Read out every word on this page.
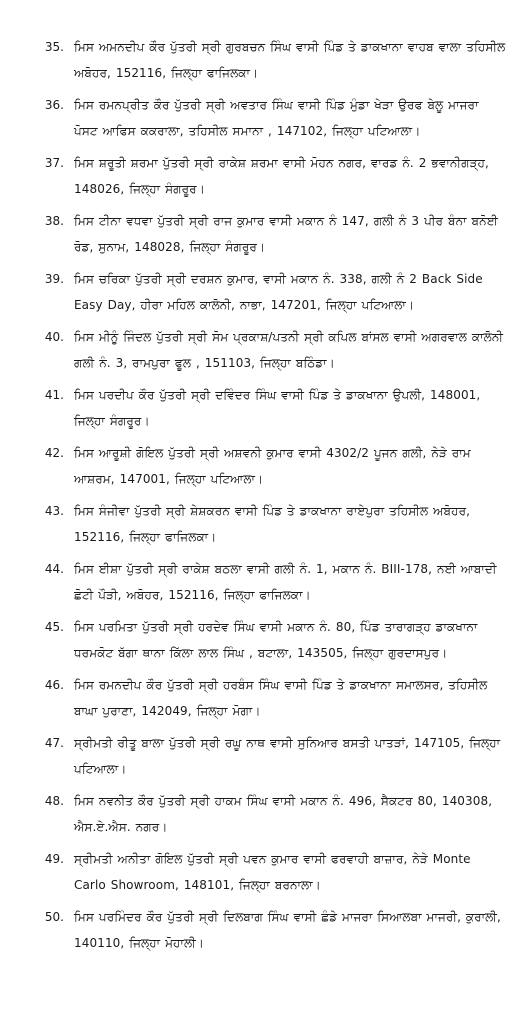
35. ਮਿਸ ਅਮਨਦੀਪ ਕੌਰ ਪੁੱਤਰੀ ਸ੍ਰੀ ਗੁਰਬਚਨ ਸਿੰਘ ਵਾਸੀ ਪਿੰਡ ਤੇ ਡਾਕਖਾਨਾ ਵਾਹਬ ਵਾਲਾ ਤਹਿਸੀਲ ਅਬੋਹਰ, 152116, ਜਿਲ੍ਹਾ ਫਾਜਿਲਕਾ।
36. ਮਿਸ ਰਮਨਪ੍ਰੀਤ ਕੌਰ ਪੁੱਤਰੀ ਸ੍ਰੀ ਅਵਤਾਰ ਸਿੰਘ ਵਾਸੀ ਪਿੰਡ ਮੁੰਡਾ ਖੇੜਾ ਉਰਫ ਬੇਲੂ ਮਾਜਰਾ ਪੋਸਟ ਆਫਿਸ ਕਕਰਾਲਾ, ਤਹਿਸੀਲ ਸਮਾਨਾ , 147102, ਜਿਲ੍ਹਾ ਪਟਿਆਲਾ।
37. ਮਿਸ ਸ਼ਰੂਤੀ ਸ਼ਰਮਾ ਪੁੱਤਰੀ ਸ੍ਰੀ ਰਾਕੇਸ਼ ਸ਼ਰਮਾ ਵਾਸੀ ਮੋਹਨ ਨਗਰ, ਵਾਰਡ ਨੰ. 2 ਭਵਾਨੀਗੜ੍ਹ, 148026, ਜਿਲ੍ਹਾ ਸੰਗਰੂਰ।
38. ਮਿਸ ਟੀਨਾ ਵਧਵਾ ਪੁੱਤਰੀ ਸ੍ਰੀ ਰਾਜ ਕੁਮਾਰ ਵਾਸੀ ਮਕਾਨ ਨੰ 147, ਗਲੀ ਨੰ 3 ਪੀਰ ਬੰਨਾ ਬਨੋਈ ਰੋਡ, ਸੁਨਾਮ, 148028, ਜਿਲ੍ਹਾ ਸੰਗਰੂਰ।
39. ਮਿਸ ਚਰਿਕਾ ਪੁੱਤਰੀ ਸ੍ਰੀ ਦਰਸ਼ਨ ਕੁਮਾਰ, ਵਾਸੀ ਮਕਾਨ ਨੰ. 338, ਗਲੀ ਨੰ 2 Back Side Easy Day, ਹੀਰਾ ਮਹਿਲ ਕਾਲੋਨੀ, ਨਾਭਾ, 147201, ਜਿਲ੍ਹਾ ਪਟਿਆਲਾ।
40. ਮਿਸ ਮੀਨੂੰ ਜਿੰਦਲ ਪੁੱਤਰੀ ਸ੍ਰੀ ਸੋਮ ਪ੍ਰਕਾਸ਼/ਪਤਨੀ ਸ੍ਰੀ ਕਪਿਲ ਬਾਂਸਲ ਵਾਸੀ ਅਗਰਵਾਲ ਕਾਲੋਨੀ ਗਲੀ ਨੰ. 3, ਰਾਮਪੁਰਾ ਫੂਲ , 151103, ਜਿਲ੍ਹਾ ਬਠਿੰਡਾ।
41. ਮਿਸ ਪਰਦੀਪ ਕੌਰ ਪੁੱਤਰੀ ਸ੍ਰੀ ਦਵਿੰਦਰ ਸਿੰਘ ਵਾਸੀ ਪਿੰਡ ਤੇ ਡਾਕਖਾਨਾ ਉਪਲੀ, 148001, ਜਿਲ੍ਹਾ ਸੰਗਰੂਰ।
42. ਮਿਸ ਆਰੂਸ਼ੀ ਗੋਇਲ ਪੁੱਤਰੀ ਸ੍ਰੀ ਅਸ਼ਵਨੀ ਕੁਮਾਰ ਵਾਸੀ 4302/2 ਪੂਜਨ ਗਲੀ, ਨੇੜੇ ਰਾਮ ਆਸ਼ਰਮ, 147001, ਜਿਲ੍ਹਾ ਪਟਿਆਲਾ।
43. ਮਿਸ ਸੰਜੀਵਾ ਪੁੱਤਰੀ ਸ੍ਰੀ ਸ਼ੇਸ਼ਕਰਨ ਵਾਸੀ ਪਿੰਡ ਤੇ ਡਾਕਖਾਨਾ ਰਾਏਪੁਰਾ ਤਹਿਸੀਲ ਅਬੋਹਰ, 152116, ਜਿਲ੍ਹਾ ਫਾਜਿਲਕਾ।
44. ਮਿਸ ਈਸ਼ਾ ਪੁੱਤਰੀ ਸ੍ਰੀ ਰਾਕੇਸ਼ ਬਠਲਾ ਵਾਸੀ ਗਲੀ ਨੰ. 1, ਮਕਾਨ ਨੰ. BIII-178, ਨਈ ਆਬਾਦੀ ਛੋਟੀ ਪੌੜੀ, ਅਬੋਹਰ, 152116, ਜਿਲ੍ਹਾ ਫਾਜਿਲਕਾ।
45. ਮਿਸ ਪਰਮਿਤਾ ਪੁੱਤਰੀ ਸ੍ਰੀ ਹਰਦੇਵ ਸਿੰਘ ਵਾਸੀ ਮਕਾਨ ਨੰ. 80, ਪਿੰਡ ਤਾਰਾਗੜ੍ਹ ਡਾਕਖਾਨਾ ਧਰਮਕੋਟ ਬੱਗਾ ਥਾਨਾ ਕਿੱਲਾ ਲਾਲ ਸਿੰਘ , ਬਟਾਲਾ, 143505, ਜਿਲ੍ਹਾ ਗੁਰਦਾਸਪੁਰ।
46. ਮਿਸ ਰਮਨਦੀਪ ਕੌਰ ਪੁੱਤਰੀ ਸ੍ਰੀ ਹਰਬੰਸ ਸਿੰਘ ਵਾਸੀ ਪਿੰਡ ਤੇ ਡਾਕਖਾਨਾ ਸਮਾਲਸਰ, ਤਹਿਸੀਲ ਬਾਘਾ ਪੁਰਾਣਾ, 142049, ਜਿਲ੍ਹਾ ਮੋਗਾ।
47. ਸ੍ਰੀਮਤੀ ਰੀਤੂ ਬਾਲਾ ਪੁੱਤਰੀ ਸ੍ਰੀ ਰਘੂ ਨਾਥ ਵਾਸੀ ਸੁਨਿਆਰ ਬਸਤੀ ਪਾਤੜਾਂ, 147105, ਜਿਲ੍ਹਾ ਪਟਿਆਲਾ।
48. ਮਿਸ ਨਵਨੀਤ ਕੌਰ ਪੁੱਤਰੀ ਸ੍ਰੀ ਹਾਕਮ ਸਿੰਘ ਵਾਸੀ ਮਕਾਨ ਨੰ. 496, ਸੈਕਟਰ 80, 140308, ਐਸ.ਏ.ਐਸ. ਨਗਰ।
49. ਸ੍ਰੀਮਤੀ ਅਨੀਤਾ ਗੋਇਲ ਪੁੱਤਰੀ ਸ੍ਰੀ ਪਵਨ ਕੁਮਾਰ ਵਾਸੀ ਫਰਵਾਹੀ ਬਾਜ਼ਾਰ, ਨੇੜੇ Monte Carlo Showroom, 148101, ਜਿਲ੍ਹਾ ਬਰਨਾਲਾ।
50. ਮਿਸ ਪਰਮਿੰਦਰ ਕੌਰ ਪੁੱਤਰੀ ਸ੍ਰੀ ਦਿਲਬਾਗ ਸਿੰਘ ਵਾਸੀ ਛੰਡੇ ਮਾਜਰਾ ਸਿਆਲਬਾ ਮਾਜਰੀ, ਕੁਰਾਲੀ, 140110, ਜਿਲ੍ਹਾ ਮੋਹਾਲੀ।
